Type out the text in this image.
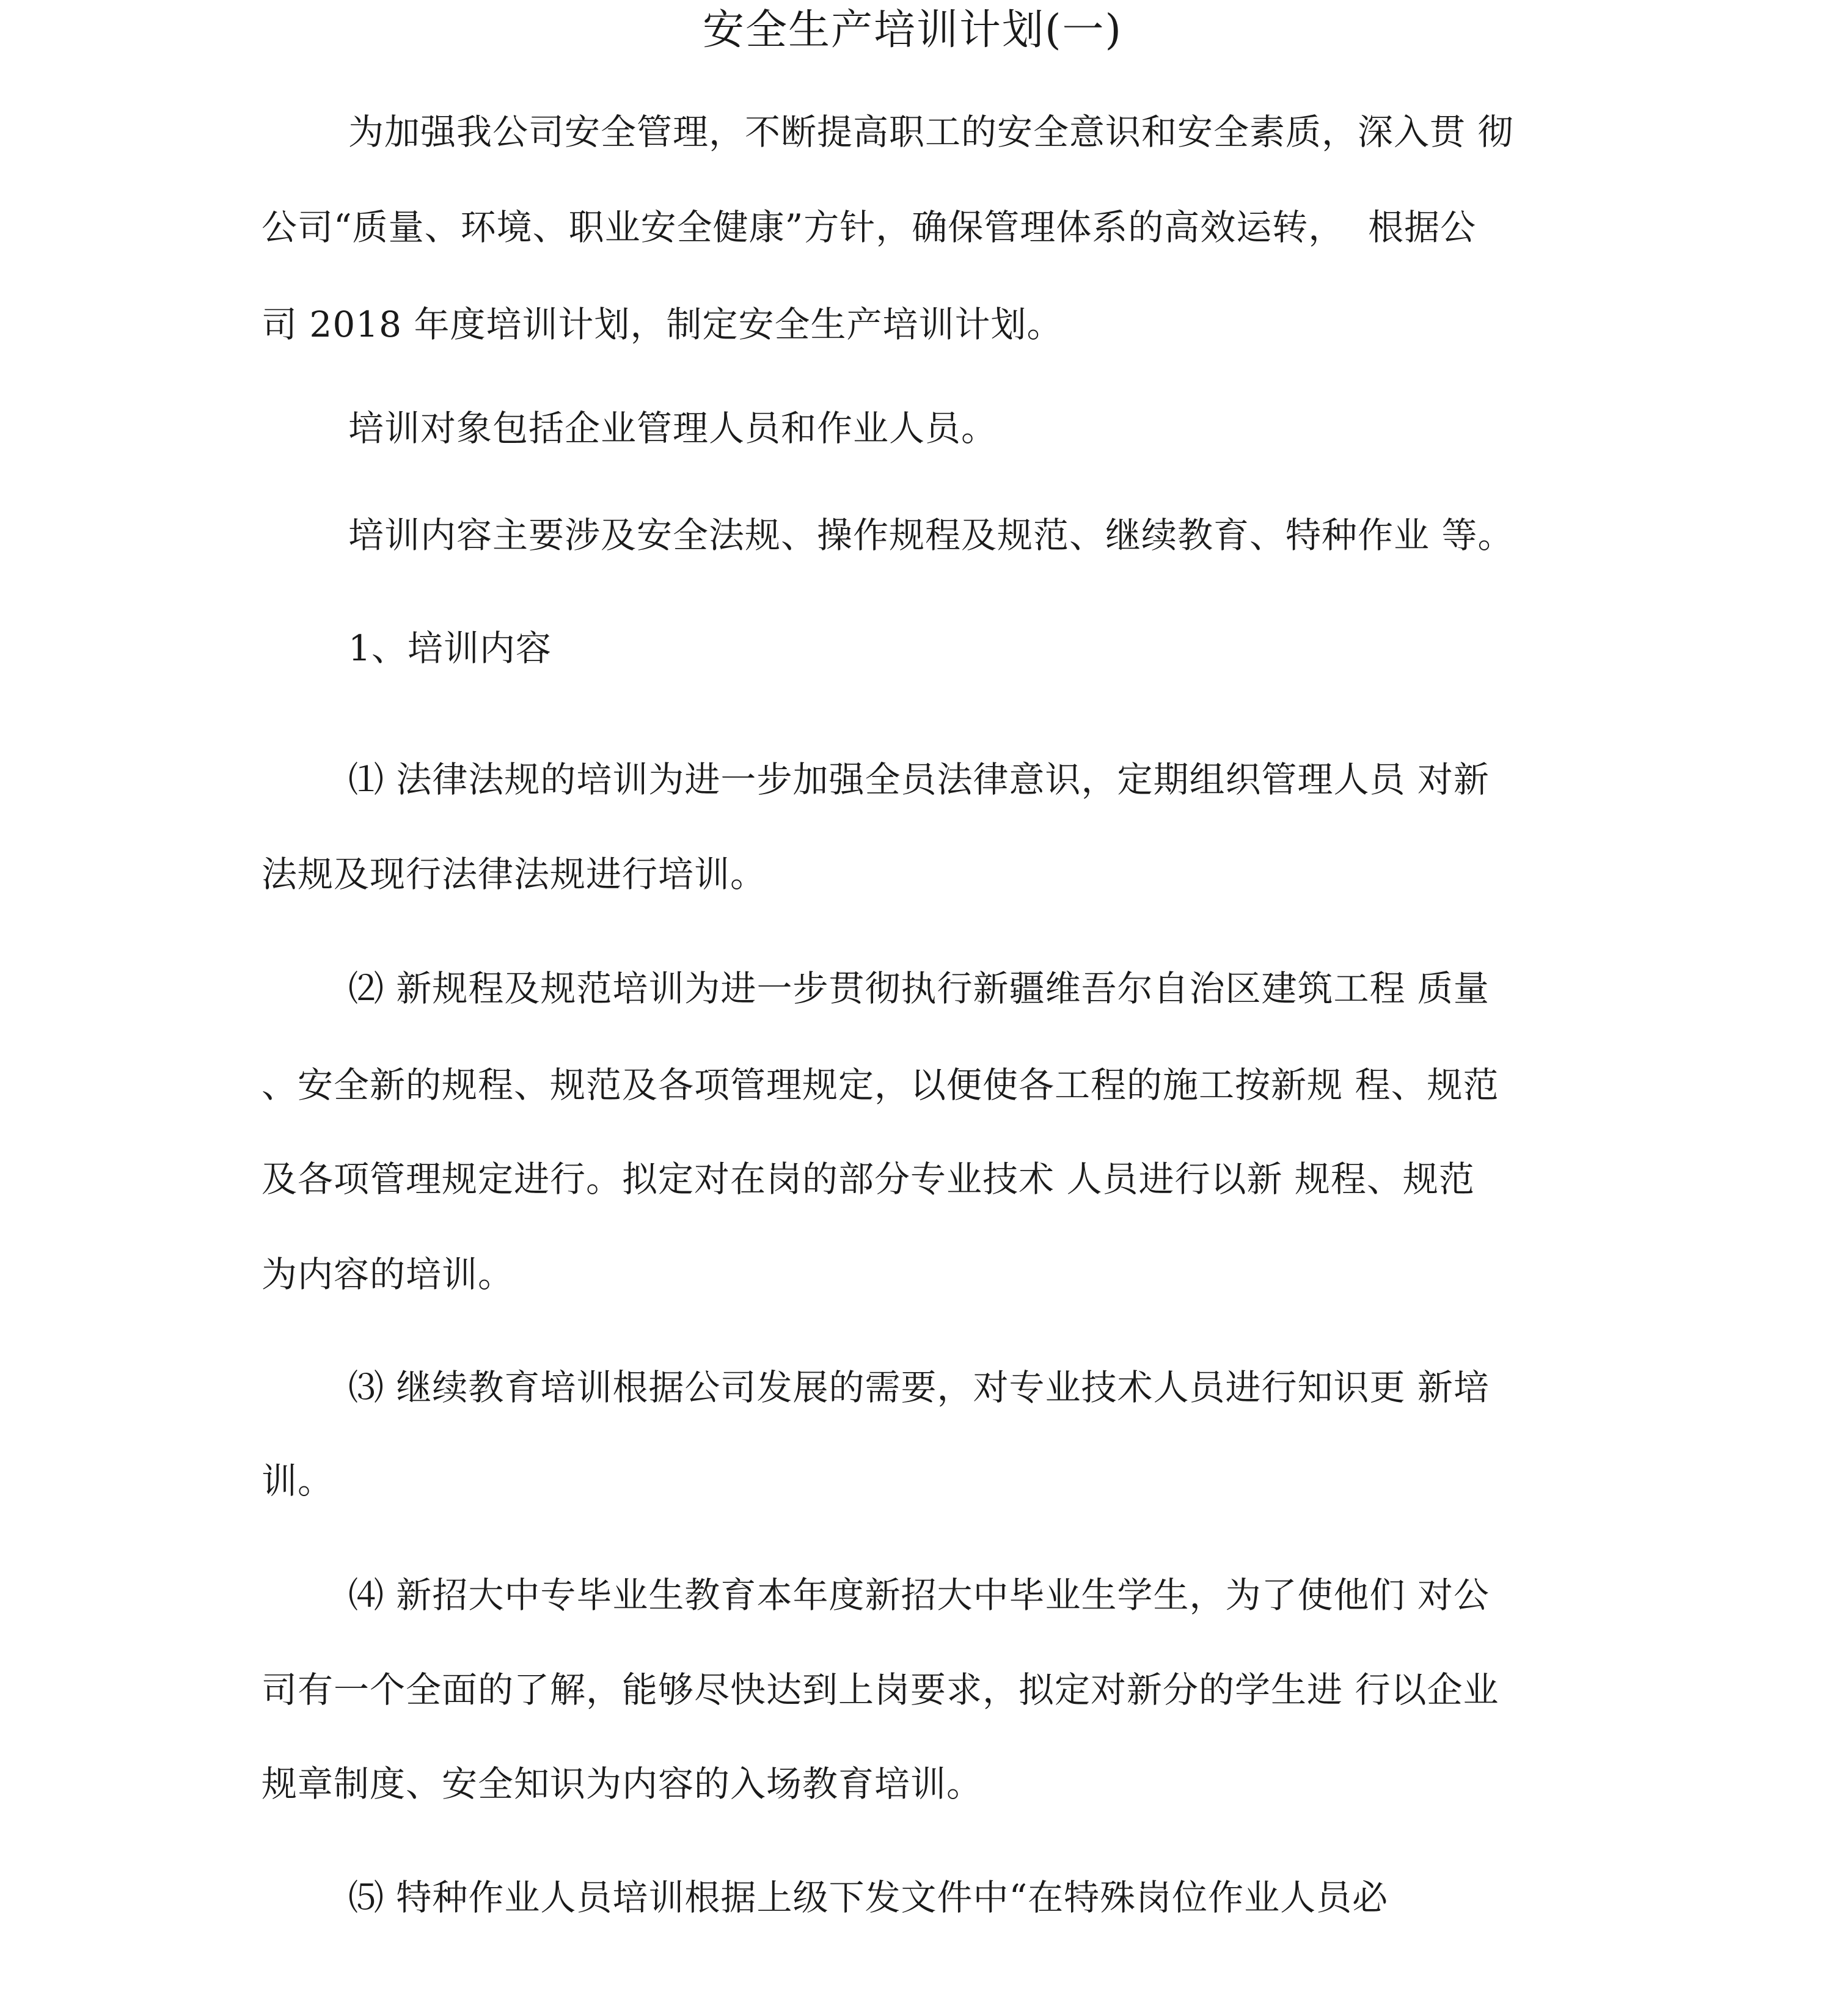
安全生产培训计划(一)
为加强我公司安全管理，不断提高职工的安全意识和安全素质，深入贯 彻
公司“质量、环境、职业安全健康”方针，确保管理体系的高效运转，  根据公
司 2018 年度培训计划，制定安全生产培训计划。
培训对象包括企业管理人员和作业人员。
培训内容主要涉及安全法规、操作规程及规范、继续教育、特种作业 等。
1、培训内容
⑴ 法律法规的培训为进一步加强全员法律意识，定期组织管理人员 对新
法规及现行法律法规进行培训。
⑵ 新规程及规范培训为进一步贯彻执行新疆维吾尔自治区建筑工程 质量
、安全新的规程、规范及各项管理规定，以便使各工程的施工按新规 程、规范
及各项管理规定进行。拟定对在岗的部分专业技术 人员进行以新 规程、规范
为内容的培训。
⑶ 继续教育培训根据公司发展的需要，对专业技术人员进行知识更 新培
训。
⑷ 新招大中专毕业生教育本年度新招大中毕业生学生，为了使他们 对公
司有一个全面的了解，能够尽快达到上岗要求，拟定对新分的学生进 行以企业
规章制度、安全知识为内容的入场教育培训。
⑸ 特种作业人员培训根据上级下发文件中“在特殊岗位作业人员必
